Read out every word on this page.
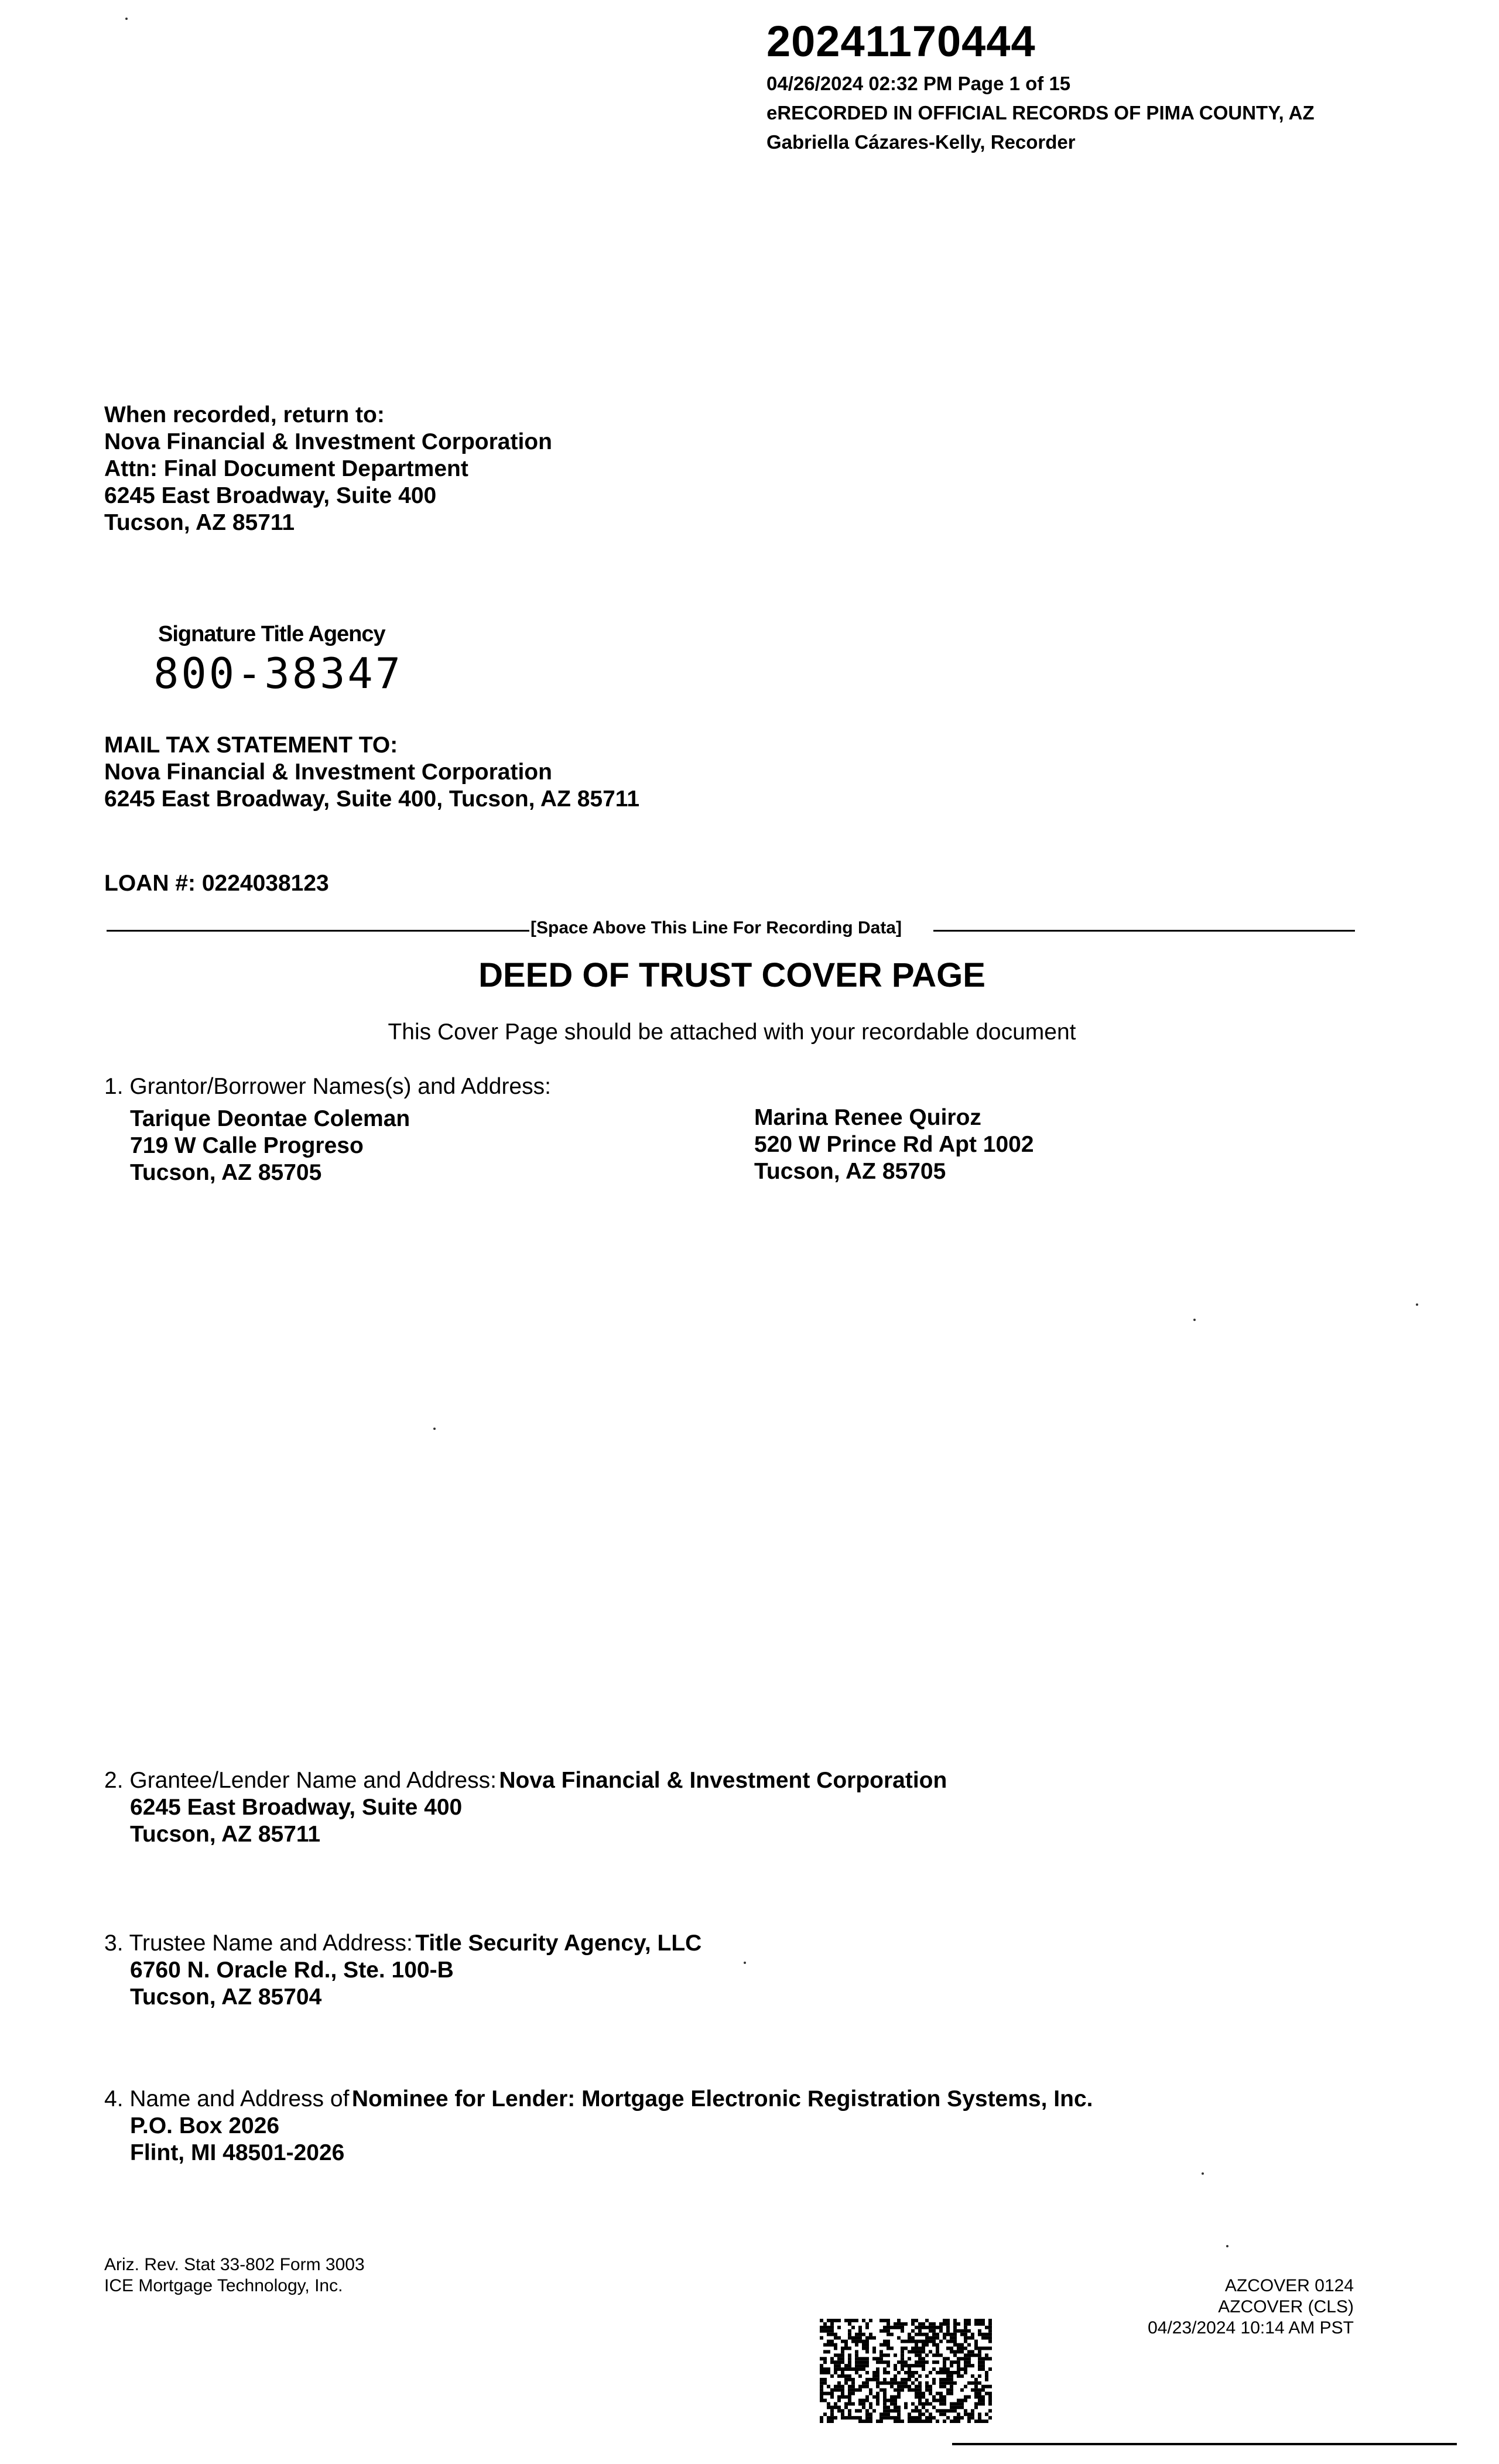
20241170444
04/26/2024 02:32 PM Page 1 of 15
eRECORDED IN OFFICIAL RECORDS OF PIMA COUNTY, AZ
Gabriella Cázares-Kelly, Recorder
When recorded, return to:
Nova Financial & Investment Corporation
Attn: Final Document Department
6245 East Broadway, Suite 400
Tucson, AZ 85711
Signature Title Agency
800-38347
MAIL TAX STATEMENT TO:
Nova Financial & Investment Corporation
6245 East Broadway, Suite 400, Tucson, AZ 85711
LOAN #: 0224038123
[Space Above This Line For Recording Data]
DEED OF TRUST COVER PAGE
This Cover Page should be attached with your recordable document
1. Grantor/Borrower Names(s) and Address:
Tarique Deontae Coleman
719 W Calle Progreso
Tucson, AZ 85705
Marina Renee Quiroz
520 W Prince Rd Apt 1002
Tucson, AZ 85705
2. Grantee/Lender Name and Address: Nova Financial & Investment Corporation
6245 East Broadway, Suite 400
Tucson, AZ 85711
3. Trustee Name and Address: Title Security Agency, LLC
6760 N. Oracle Rd., Ste. 100-B
Tucson, AZ 85704
4. Name and Address of Nominee for Lender: Mortgage Electronic Registration Systems, Inc.
P.O. Box 2026
Flint, MI 48501-2026
Ariz. Rev. Stat 33-802 Form 3003
ICE Mortgage Technology, Inc.	AZCOVER 0124
AZCOVER (CLS)
04/23/2024 10:14 AM PST
